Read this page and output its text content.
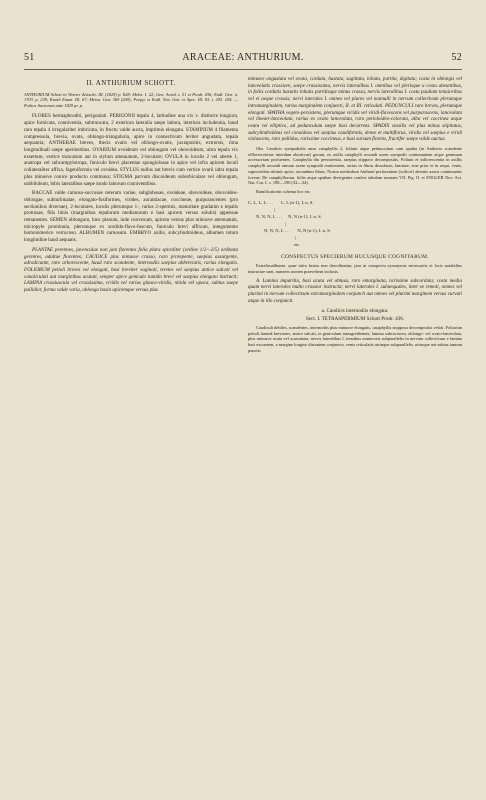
51	ARACEAE: ANTHURIUM.	52
II. ANTHURIUM SCHOTT.

ANTHURIUM Schott in Wiener Zeitschr. III. (1829) p. 828; Melet. I. 22; Gen. Aroid. t. 51 et Prodr. 436; Endl. Gen. n. 1703. p. 239; Kunth Enum. III. 67; Meisn. Gen. 369 (269); Poepp. et Endl. Nov. Gen. et Spec. III. 83. t. 293. 294. — Pothos Auctorum ante 1829 pr. p.

FLORES hermaphroditi, perigoniati. PERIGONII tepala 4, latitudine una vix v. distincte longiora, apice fornicata, conniventia, subtruncata, 2 exteriora lateralia saepe latiora, interiora includentia, haud raro tepala 4 irregulariter imbricata, in fructu valde aucta, imprimis elongata. STAMINUM 4 filamenta compressula, brevia, ovata, oblongo-triangularia, apice in connectivum leviter angustata, tepala aequantia; ANTHERAE breves, thecis ovatis vel oblongo-ovatis, juxtapositis, extrorsis, rima longitudinali saepe aperientibus. OVARIUM ovoideum vel oblongum vel obovoideum, ultra tepala vix exsertum, vertice truncatum aut in stylum attenuatum, 2-loculare; OVULA in loculis 2 vel aberte 1, anatropa vel subcampylotropa, funiculo brevi placentae spongiolosae in apice vel infra apicem loculi collateraliter affixa, fageniformia vel ovoidea. STYLUS nullus aut brevis cum vertice ovarii ultra tepala plus minusve conice producto continuus; STIGMA parvum discoideum suborbiculare vel oblongum, subbilobum, lobis lateralibus saepe modo laborum conniventibus.

BACCAE valde carnoso-succosae ceterum variae, subglobosae, ovoideae, obovoideae, obovoideo-oblongae, subturbinatae, elongato-fusiformes, virides, aurantiacae, coccineae, purpurascentes (pro sectionibus diversae), 2-loculares, loculis plerumque 1-, rarius 2-spermis, maturitate gradatim e tepalis protrusae, filis binis (marginibus tepalorum medianorum e basi apicem versus solutis) appensae remanentes. SEMEN oblongum, hinc planum, inde convexum, apicem versus plus minusve attenuatum, micropyle prominula, plerumque ex sordido-flavo-fuscum, funiculo brevi affixum, integumento homoiomerico verrucoso. ALBUMEN carnosum. EMBRYO axilis, subcylindroideus, albumen totum longitudine haud aequans.

PLANTAE perennes, juvenculae non jam florentes folia plura spiraliter (ordine 1/2—2/5) ordinata gerentes, adultae florentes; CAUDICE plus minusve crasso, raro prorepente, saepius assurgente, adradicante, raro arborescente, haud raro scandente, internodiis saepius abbreviatis, rarius elongatis. FOLIORUM petioli breves vel elongati, basi breviter vaginati, teretes vel saepius antice sulcati vel canaliculati aut marginibus acutati, semper apice geniculo tumido brevi vel saepius elongato instructi; LAMINA crassiuscula vel crassissima, viridis vel rarius glauco-viridis, nitida vel opaca, subtus saepe pallidior, forma valde varia, oblonga basin apicemque versus plus

minusve angustata vel ovata, cordata, hastata, sagittata, lobata, partita, digitata; costa in oblongis vel lanceolatis crassiore, saepe crassissima, nervis lateralibus I. omnibus vel plerisque a costa abeuntibus, in foliis cordatis hastatis lobatis partitisque minus crassa, nervis lateralibus I. costa pauliam tenuioribus vel ei aeque crassis; nervi laterales I. omnes vel plures vel nonnulli in nervum collectivum plerumque intramarginalem, rarius marginalem conjuncti, II. et III. reticulati. PEDUNCULI raro breves, plerumque elongati. SPATHA vegeto-persistens, plerumque viridis vel viridi-flavescens vel purpurascens, lanceolata vel lineari-lanceolata, rarius ex ovato lanceolata, raro petioloideo-colorata, alba vel coccinea atque ovata vel elliptica, ad pedunculum saepe basi decurrens. SPADIX sessilis vel plus minus stipitatus, subcylindroideus vel conoideus vel saepius caudiformis, dense et multiflorus, viridis vel saepius e viridi violascens, raro pallidus, rarissime coccineus, e basi sursum florens, fructifer saepe valde auctus.

Obs. Caudicis sympodialis unus cataphyllis 2, folium atque pedunculum cum spatha (in Anthurio scandente efflorescentiae interdum abortivae) gerunt, ex axilla cataphylli secundi axem sympodii continuantem atque gemmam accessoriam profuentes. Cataphylla diu persistentia, saepius stipporo decompositis. Folium et inflorescentia in axillis cataphylli secundi ramum axem sympodii emittentem, rarius in fibras dissolutae, laminae, sine prior et in sequi, venis, superioribus ultimis apice, secundum fibras. Nostra methodum Anthurii perforantem (scilicet) alternis axeos continuantis foveae. De cataphyllorum, foliis atque spathae divergentia conferr tabulam nostram VII. Fig. II. et ENGLER Nov. Act. Nat. Cur. I. c. 188—190 (32—34).

Ramificationis schema hoc est:

C, L, L, L . . .       L, L (n-1), L n, S.
|
N, N, N, L . . .     N, N (n-1), L n, S.
|
N, N, N, L . . .      N, N (n-1), L n, S.
|
etc.
CONSPECTUS SPECIERUM HUCUSQUE COGNITARUM.

Extraliruallineae, quae infra fusius non describuntur, jam in conspectu synonymis necessariis et locis notabilius instructae sunt, numeris nomen praevehent inclusis.

A. Lamina imparitia, basi acuta vel obtusa, raro emarginata, rarissime subcordata; costa media quam nervi laterales multo crassior instructa; nervi laterales I. subaequales, inter se remoti, omnes vel plurimi in nervum collectivum extramarginalem conjuncti aut omnes vel plurimi marginem versus curvati atque in illo conjuncti.

a. Caudicis internodiis elongata.
Sect. I. TETRASPERMIUM Schott Prodr. 436.

Caudiculi debiles, scandentes, internodiis plus minusve elongatis, cataphyllis stupposo decompositis veloti. Foliorum petioli laminâ breviores, antice sulcati, in geniculum transgredientes; lamina subcoriacea, oblongo- vel ovato-lanceolata, plus minusve acuta vel acuminata, nervis lateralibus I. tenuibus numerosis subparallelis in nervum collectivum e lamina basi excuntem, a margine longius distantem conjuncta, venis reticulatis utrinque subparallelis, utrinque aut subtus tantum punctis
